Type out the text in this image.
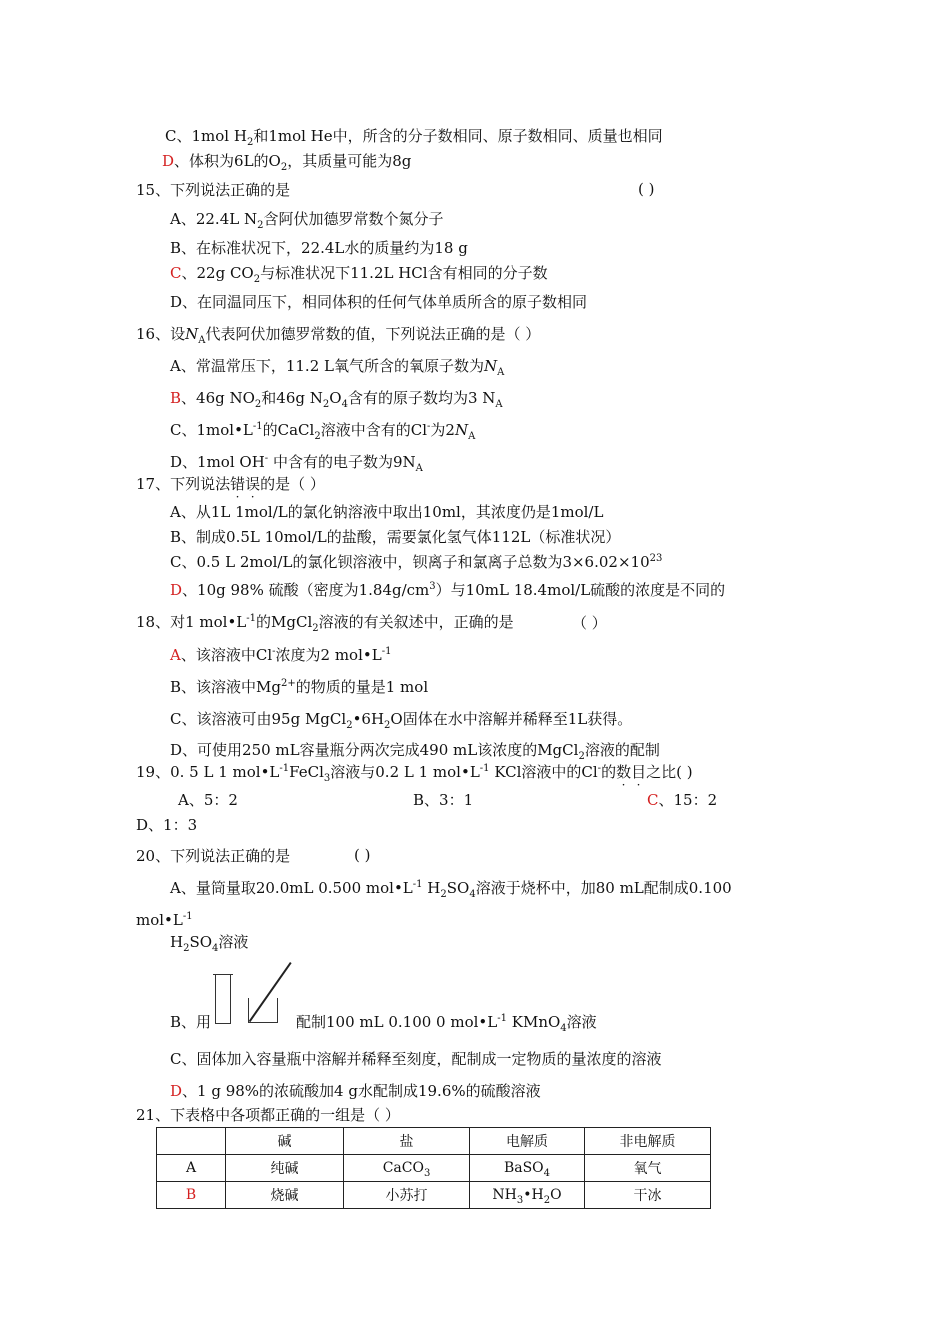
C、1mol $H_2$和1mol He中，所含的分子数相同、原子数相同、质量也相同
D、体积为6L的$O_2$，其质量可能为8g
15、下列说法正确的是	( )
A、22.4L $N_2$含阿伏加德罗常数个氮分子
B、在标准状况下，22.4L水的质量约为18 g
C、22g $CO_2$与标准状况下11.2L HCl含有相同的分子数
D、在同温同压下，相同体积的任何气体单质所含的原子数相同
16、设$N_A$代表阿伏加德罗常数的值，下列说法正确的是（ ）
A、常温常压下，11.2 L氧气所含的氧原子数为$N_A$
B、46g $NO_2$和46g $N_2O_4$含有的原子数均为3 $N_A$
C、$1mol•L^{-1}$的CaCl$_2$溶液中含有的Cl-为$2N_A$
D、1mol OH- 中含有的电子数为$9N_A$
17、下列说法错误的是（ ）
A、从1L 1mol/L的氯化钠溶液中取出10ml，其浓度仍是1mol/L
B、制成0.5L 10mol/L的盐酸，需要氯化氢气体112L（标准状况）
C、0.5 L 2mol/L的氯化钡溶液中，钡离子和氯离子总数为$3\times 6.02\times 10^{23}$
D、10g 98% 硫酸（密度为$1.84g/cm^3$）与10mL 18.4mol/L硫酸的浓度是不同的
18、对1 $mol•L^{-1}$的MgCl$_2$溶液的有关叙述中，正确的是	（ ）
A、该溶液中Cl-浓度为2 $mol•L^{-1}$
B、该溶液中$Mg^{2+}$的物质的量是1 mol
C、该溶液可由95g $MgCl_2•6H_2O$固体在水中溶解并稀释至1L获得。
D、可使用250 mL容量瓶分两次完成490 mL该浓度的MgCl$_2$溶液的配制
19、0. 5 L 1 $mol•L^{-1}FeCl_3$溶液与0.2 L 1 $mol•L^{-1}$ KCl溶液中的Cl-的数目之比( )
A、5：2	B、3：1	C、15：2
D、1：3
20、下列说法正确的是	( )
A、量筒量取20.0mL 0.500 $mol•L^{-1}$ $H_2SO_4$溶液于烧杯中，加80 mL配制成0.100
$mol•L^{-1}$
$H_2SO_4$溶液
B、用	配制100 mL 0.100 0 $mol•L^{-1}$ KMnO$_4$溶液
C、固体加入容量瓶中溶解并稀释至刻度，配制成一定物质的量浓度的溶液
D、1 g 98%的浓硫酸加4 g水配制成19.6%的硫酸溶液
21、下表格中各项都正确的一组是（ ）
	碱	盐	电解质	非电解质
A	纯碱	CaCO$_3$	BaSO$_4$	氧气
B	烧碱	小苏打	$NH_3•H_2O$	干冰
